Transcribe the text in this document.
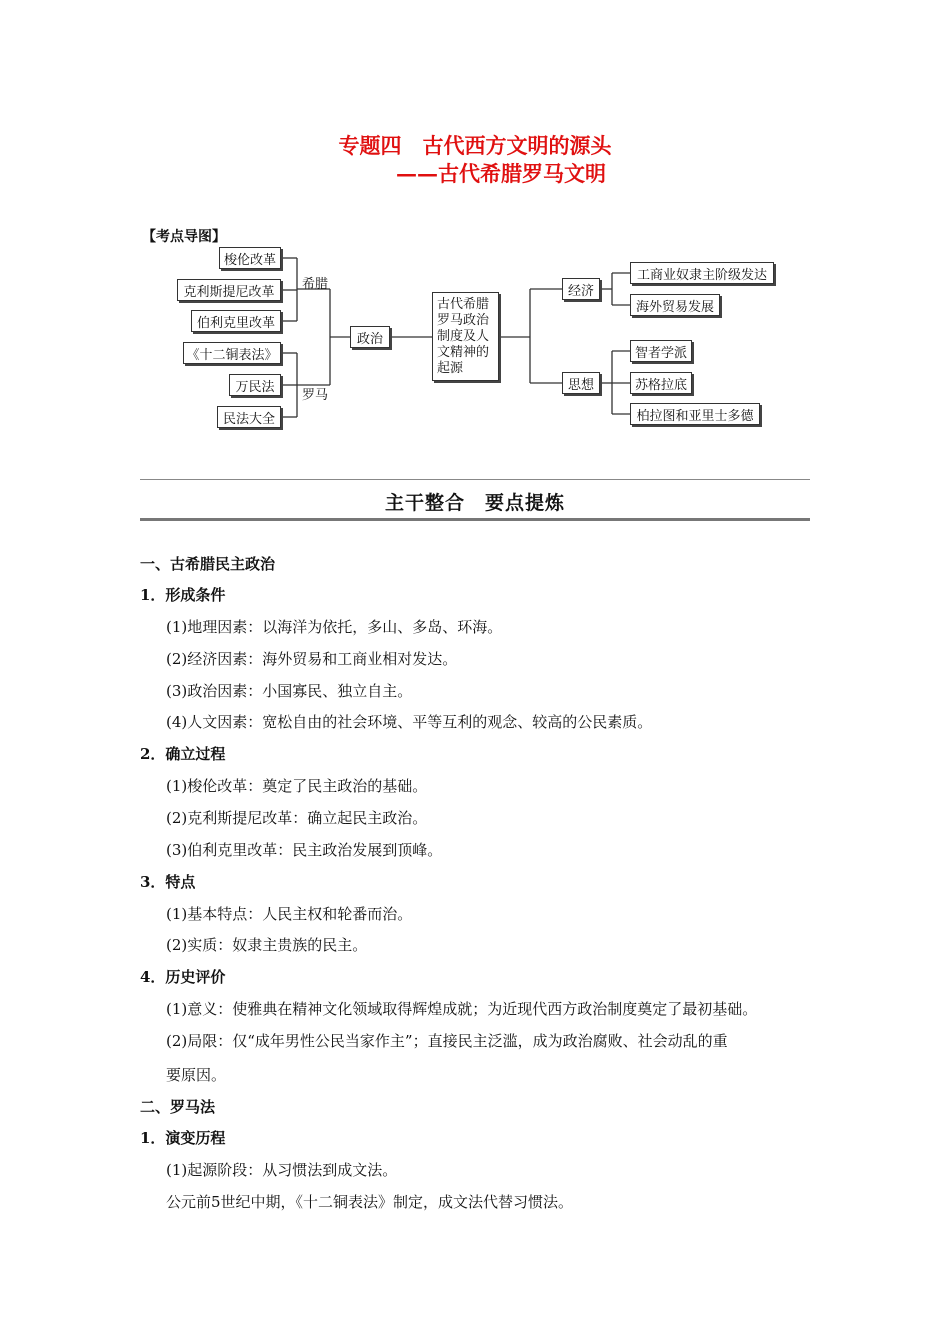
专题四　古代西方文明的源头
——古代希腊罗马文明
【考点导图】
梭伦改革
克利斯提尼改革
伯利克里改革
《十二铜表法》
万民法
民法大全
希腊
罗马
政治
古代希腊罗马政治制度及人文精神的起源
经济
思想
工商业奴隶主阶级发达
海外贸易发展
智者学派
苏格拉底
柏拉图和亚里士多德
主干整合　要点提炼
一、古希腊民主政治
1．形成条件
(1)地理因素：以海洋为依托，多山、多岛、环海。
(2)经济因素：海外贸易和工商业相对发达。
(3)政治因素：小国寡民、独立自主。
(4)人文因素：宽松自由的社会环境、平等互利的观念、较高的公民素质。
2．确立过程
(1)梭伦改革：奠定了民主政治的基础。
(2)克利斯提尼改革：确立起民主政治。
(3)伯利克里改革：民主政治发展到顶峰。
3．特点
(1)基本特点：人民主权和轮番而治。
(2)实质：奴隶主贵族的民主。
4．历史评价
(1)意义：使雅典在精神文化领域取得辉煌成就；为近现代西方政治制度奠定了最初基础。
(2)局限：仅“成年男性公民当家作主”；直接民主泛滥，成为政治腐败、社会动乱的重
要原因。
二、罗马法
1．演变历程
(1)起源阶段：从习惯法到成文法。
公元前5世纪中期，《十二铜表法》制定，成文法代替习惯法。
